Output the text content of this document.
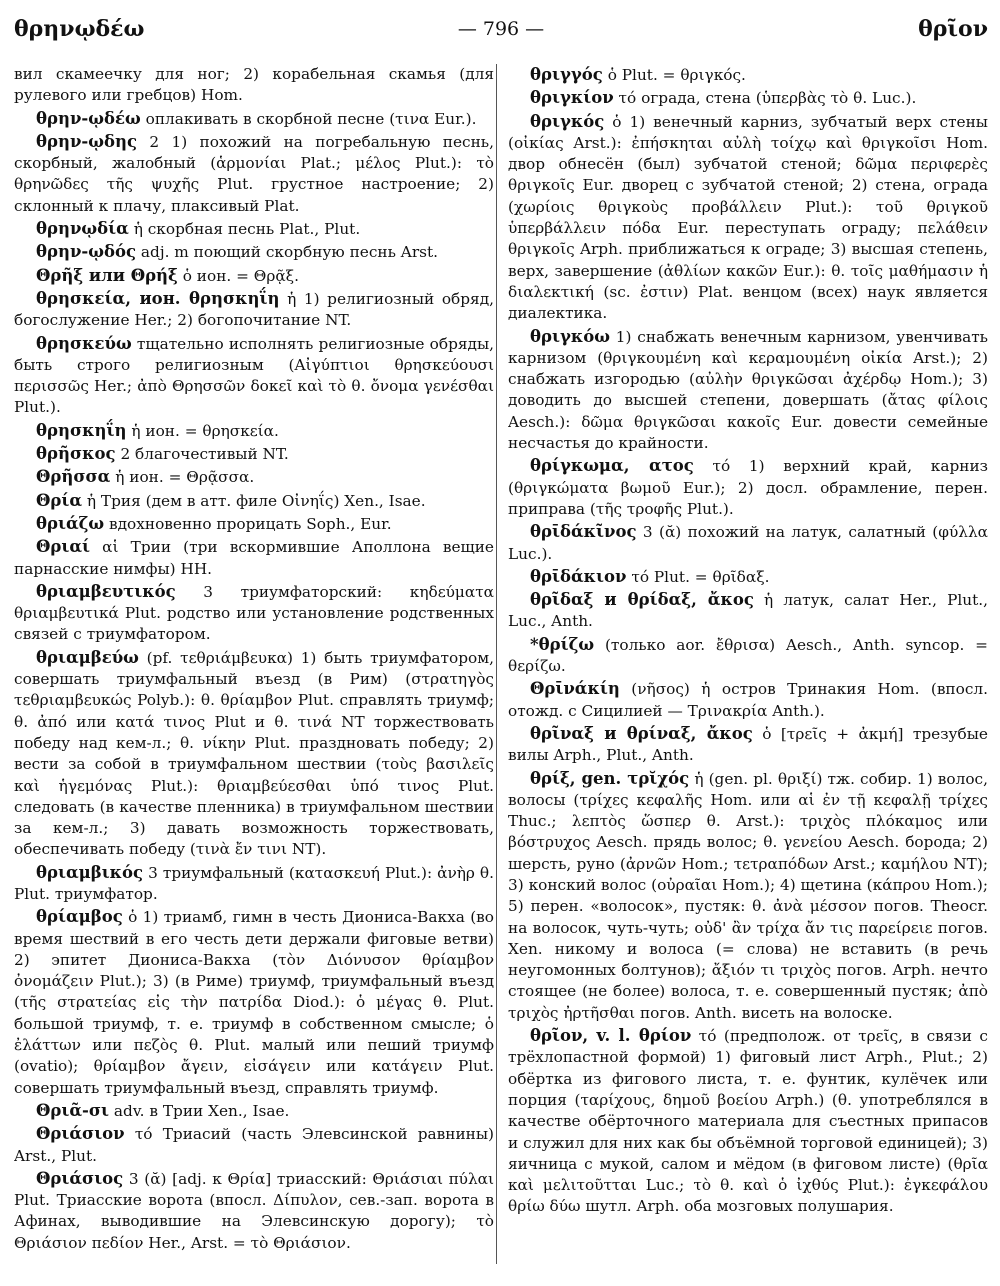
θρηνῳδέω	— 796 —	θρῖον

вил скамеечку для ног; 2) корабельная скамья (для рулевого или гребцов) Hom.

θρην-ῳδέω оплакивать в скорбной песне (τινα Eur.).

θρην-ῳδης 2 1) похожий на погребальную песнь, скорбный, жалобный (ἁρμονίαι Plat.; μέλος Plut.): τὸ θρηνῶδες τῆς ψυχῆς Plut. грустное настроение; 2) склонный к плачу, плаксивый Plat.

θρηνῳδία ἡ скорбная песнь Plat., Plut.

θρην-ῳδός adj. m поющий скорбную песнь Arst.

Θρῆξ или Θρήξ ὁ ион. = Θρᾷξ.

θρησκεία, ион. θρησκηΐη ἡ 1) религиозный обряд, богослужение Her.; 2) богопочитание NT.

θρησκεύω тщательно исполнять религиозные обряды, быть строго религиозным (Αἰγύπτιοι θρησκεύουσι περισσῶς Her.; ἀπὸ Θρησσῶν δοκεῖ καὶ τὸ θ. ὄνομα γενέσθαι Plut.).

θρησκηΐη ἡ ион. = θρησκεία.

θρῆσκος 2 благочестивый NT.

Θρῆσσα ἡ ион. = Θρᾷσσα.

Θρία ἡ Трия (дем в атт. филе Οἰνηΐς) Xen., Isae.

θριάζω вдохновенно прорицать Soph., Eur.

Θριαί αἱ Трии (три вскормившие Аполлона вещие парнасские нимфы) HH.

θριαμβευτικός 3 триумфаторский: κηδεύματα θριαμβευτικά Plut. родство или установление родственных связей с триумфатором.

θριαμβεύω (pf. τεθριάμβευκα) 1) быть триумфатором, совершать триумфальный въезд (в Рим) (στρατηγὸς τεθριαμβευκώς Polyb.): θ. θρίαμβον Plut. справлять триумф; θ. ἀπό или κατά τινος Plut и θ. τινά NT торжествовать победу над кем-л.; θ. νίκην Plut. праздновать победу; 2) вести за собой в триумфальном шествии (τοὺς βασιλεῖς καὶ ἡγεμόνας Plut.): θριαμβεύεσθαι ὑπό τινος Plut. следовать (в качестве пленника) в триумфальном шествии за кем-л.; 3) давать возможность торжествовать, обеспечивать победу (τινὰ ἔν τινι NT).

θριαμβικός 3 триумфальный (κατασκευή Plut.): ἀνὴρ θ. Plut. триумфатор.

θρίαμβος ὁ 1) триамб, гимн в честь Диониса-Вакха (во время шествий в его честь дети держали фиговые ветви) 2) эпитет Диониса-Вакха (τὸν Διόνυσον θρίαμβον ὀνομάζειν Plut.); 3) (в Риме) триумф, триумфальный въезд (τῆς στρατείας εἰς τὴν πατρίδα Diod.): ὁ μέγας θ. Plut. большой триумф, т. е. триумф в собственном смысле; ὁ ἐλάττων или πεζὸς θ. Plut. малый или пеший триумф (ovatio); θρίαμβον ἄγειν, εἰσάγειν или κατάγειν Plut. совершать триумфальный въезд, справлять триумф.

Θριᾶ-σι adv. в Трии Xen., Isae.

Θριάσιον τό Триасий (часть Элевсинской равнины) Arst., Plut.

Θριάσιος 3 (ᾰ) [adj. к Θρία] триасский: Θριάσιαι πύλαι Plut. Триасские ворота (впосл. Δίπυλον, сев.-зап. ворота в Афинах, выводившие на Элевсинскую дорогу); τὸ Θριάσιον πεδίον Her., Arst. = τὸ Θριάσιον.

θριγγός ὁ Plut. = θριγκός.

θριγκίον τό ограда, стена (ὑπερβὰς τὸ θ. Luc.).

θριγκός ὁ 1) венечный карниз, зубчатый верх стены (οἰκίας Arst.): ἐπήσκηται αὐλὴ τοίχῳ καὶ θριγκοῖσι Hom. двор обнесён (был) зубчатой стеной; δῶμα περιφερὲς θριγκοῖς Eur. дворец с зубчатой стеной; 2) стена, ограда (χωρίοις θριγκοὺς προβάλλειν Plut.): τοῦ θριγκοῦ ὑπερβάλλειν πόδα Eur. переступать ограду; πελάθειν θριγκοῖς Arph. приближаться к ограде; 3) высшая степень, верх, завершение (ἀθλίων κακῶν Eur.): θ. τοῖς μαθήμασιν ἡ διαλεκτική (sc. ἐστιν) Plat. венцом (всех) наук является диалектика.

θριγκόω 1) снабжать венечным карнизом, увенчивать карнизом (θριγκουμένη καὶ κεραμουμένη οἰκία Arst.); 2) снабжать изгородью (αὐλὴν θριγκῶσαι ἀχέρδῳ Hom.); 3) доводить до высшей степени, довершать (ἄτας φίλοις Aesch.): δῶμα θριγκῶσαι κακοῖς Eur. довести семейные несчастья до крайности.

θρίγκωμα, ατος τό 1) верхний край, карниз (θριγκώματα βωμοῦ Eur.); 2) досл. обрамление, перен. приправа (τῆς τροφῆς Plut.).

θρῑδάκῖνος 3 (ᾰ) похожий на латук, салатный (φύλλα Luc.).

θρῑδάκιον τό Plut. = θρῖδαξ.

θρῖδαξ и θρίδαξ, ἄκος ἡ латук, салат Her., Plut., Luc., Anth.

*θρίζω (только aor. ἔθρισα) Aesch., Anth. syncop. = θερίζω.

Θρῑνάκίη (νῆσος) ἡ остров Тринакия Hom. (впосл. отожд. с Сицилией — Τρινακρία Anth.).

θρῖναξ и θρίναξ, ἄκος ὁ [τρεῖς + ἀκμή] трезубые вилы Arph., Plut., Anth.

θρίξ, gen. τρῐχός ἡ (gen. pl. θριξί) тж. собир. 1) волос, волосы (τρίχες κεφαλῆς Hom. или αἱ ἐν τῇ κεφαλῇ τρίχες Thuc.; λεπτὸς ὥσπερ θ. Arst.): τριχὸς πλόκαμος или βόστρυχος Aesch. прядь волос; θ. γενείου Aesch. борода; 2) шерсть, руно (ἀρνῶν Hom.; τετραπόδων Arst.; καμήλου NT); 3) конский волос (οὐραῖαι Hom.); 4) щетина (κάπρου Hom.); 5) перен. «волосок», пустяк: θ. ἀνὰ μέσσον погов. Theocr. на волосок, чуть-чуть; οὐδ' ἂν τρίχα ἄν τις παρείρειε погов. Xen. никому и волоса (= слова) не вставить (в речь неугомонных болтунов); ἄξιόν τι τριχὸς погов. Arph. нечто стоящее (не более) волоса, т. е. совершенный пустяк; ἀπὸ τριχὸς ἠρτῆσθαι погов. Anth. висеть на волоске.

θρῖον, v. l. θρίον τό (предполож. от τρεῖς, в связи с трёхлопастной формой) 1) фиговый лист Arph., Plut.; 2) обёртка из фигового листа, т. е. фунтик, кулёчек или порция (ταρίχους, δημοῦ βοείου Arph.) (θ. употреблялся в качестве обёрточного материала для съестных припасов и служил для них как бы объёмной торговой единицей); 3) яичница с мукой, салом и мёдом (в фиговом листе) (θρῖα καὶ μελιτοῦτται Luc.; τὸ θ. καὶ ὁ ἰχθύς Plut.): ἐγκεφάλου θρίω δύω шутл. Arph. оба мозговых полушария.
